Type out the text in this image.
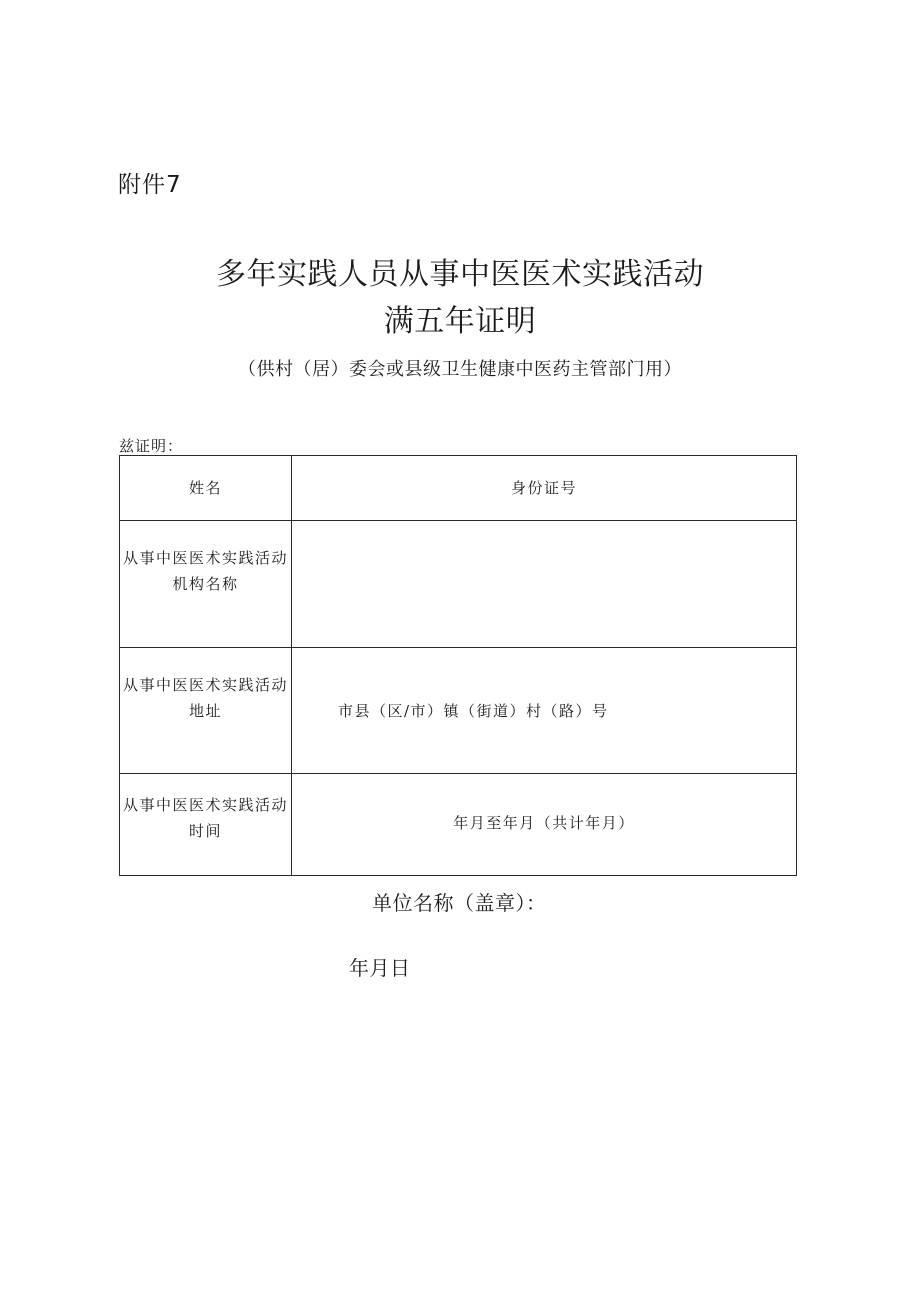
附件7
多年实践人员从事中医医术实践活动
满五年证明
（供村（居）委会或县级卫生健康中医药主管部门用）
兹证明：
姓名	身份证号

从事中医医术实践活动
机构名称	

从事中医医术实践活动
地址	市县（区/市）镇（街道）村（路）号

从事中医医术实践活动
时间	年月至年月（共计年月）
单位名称（盖章）：
年月日
